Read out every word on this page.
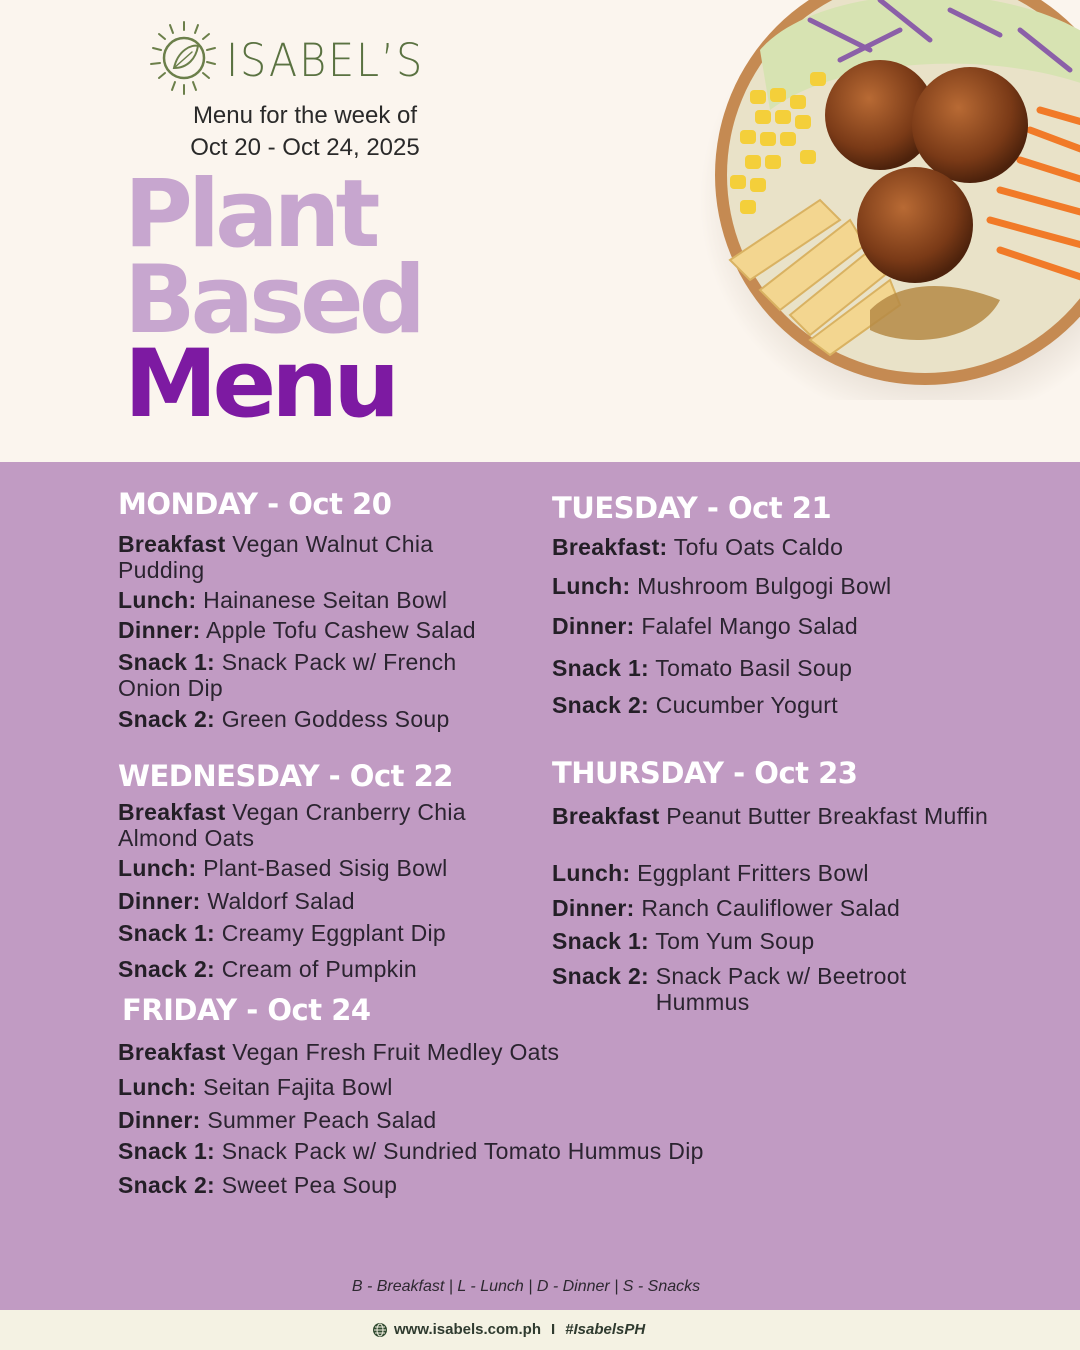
ISABEL’S
Menu for the week of
Oct 20 - Oct 24, 2025
Plant
Based
Menu
MONDAY - Oct 20
Breakfast Vegan Walnut Chia Pudding
Lunch: Hainanese Seitan Bowl
Dinner: Apple Tofu Cashew Salad
Snack 1: Snack Pack w/ French Onion Dip
Snack 2: Green Goddess Soup
TUESDAY - Oct 21
Breakfast: Tofu Oats Caldo
Lunch: Mushroom Bulgogi Bowl
Dinner: Falafel Mango Salad
Snack 1: Tomato Basil Soup
Snack 2: Cucumber Yogurt
WEDNESDAY - Oct 22
Breakfast Vegan Cranberry Chia Almond Oats
Lunch: Plant-Based Sisig Bowl
Dinner: Waldorf Salad
Snack 1: Creamy Eggplant Dip
Snack 2: Cream of Pumpkin
THURSDAY - Oct 23
Breakfast Peanut Butter Breakfast Muffin
Lunch: Eggplant Fritters Bowl
Dinner: Ranch Cauliflower Salad
Snack 1: Tom Yum Soup
Snack 2: Snack Pack w/ Beetroot Hummus
FRIDAY - Oct 24
Breakfast Vegan Fresh Fruit Medley Oats
Lunch: Seitan Fajita Bowl
Dinner: Summer Peach Salad
Snack 1: Snack Pack w/ Sundried Tomato Hummus Dip
Snack 2: Sweet Pea Soup
B - Breakfast | L - Lunch | D - Dinner | S - Snacks
www.isabels.com.ph I #IsabelsPH
